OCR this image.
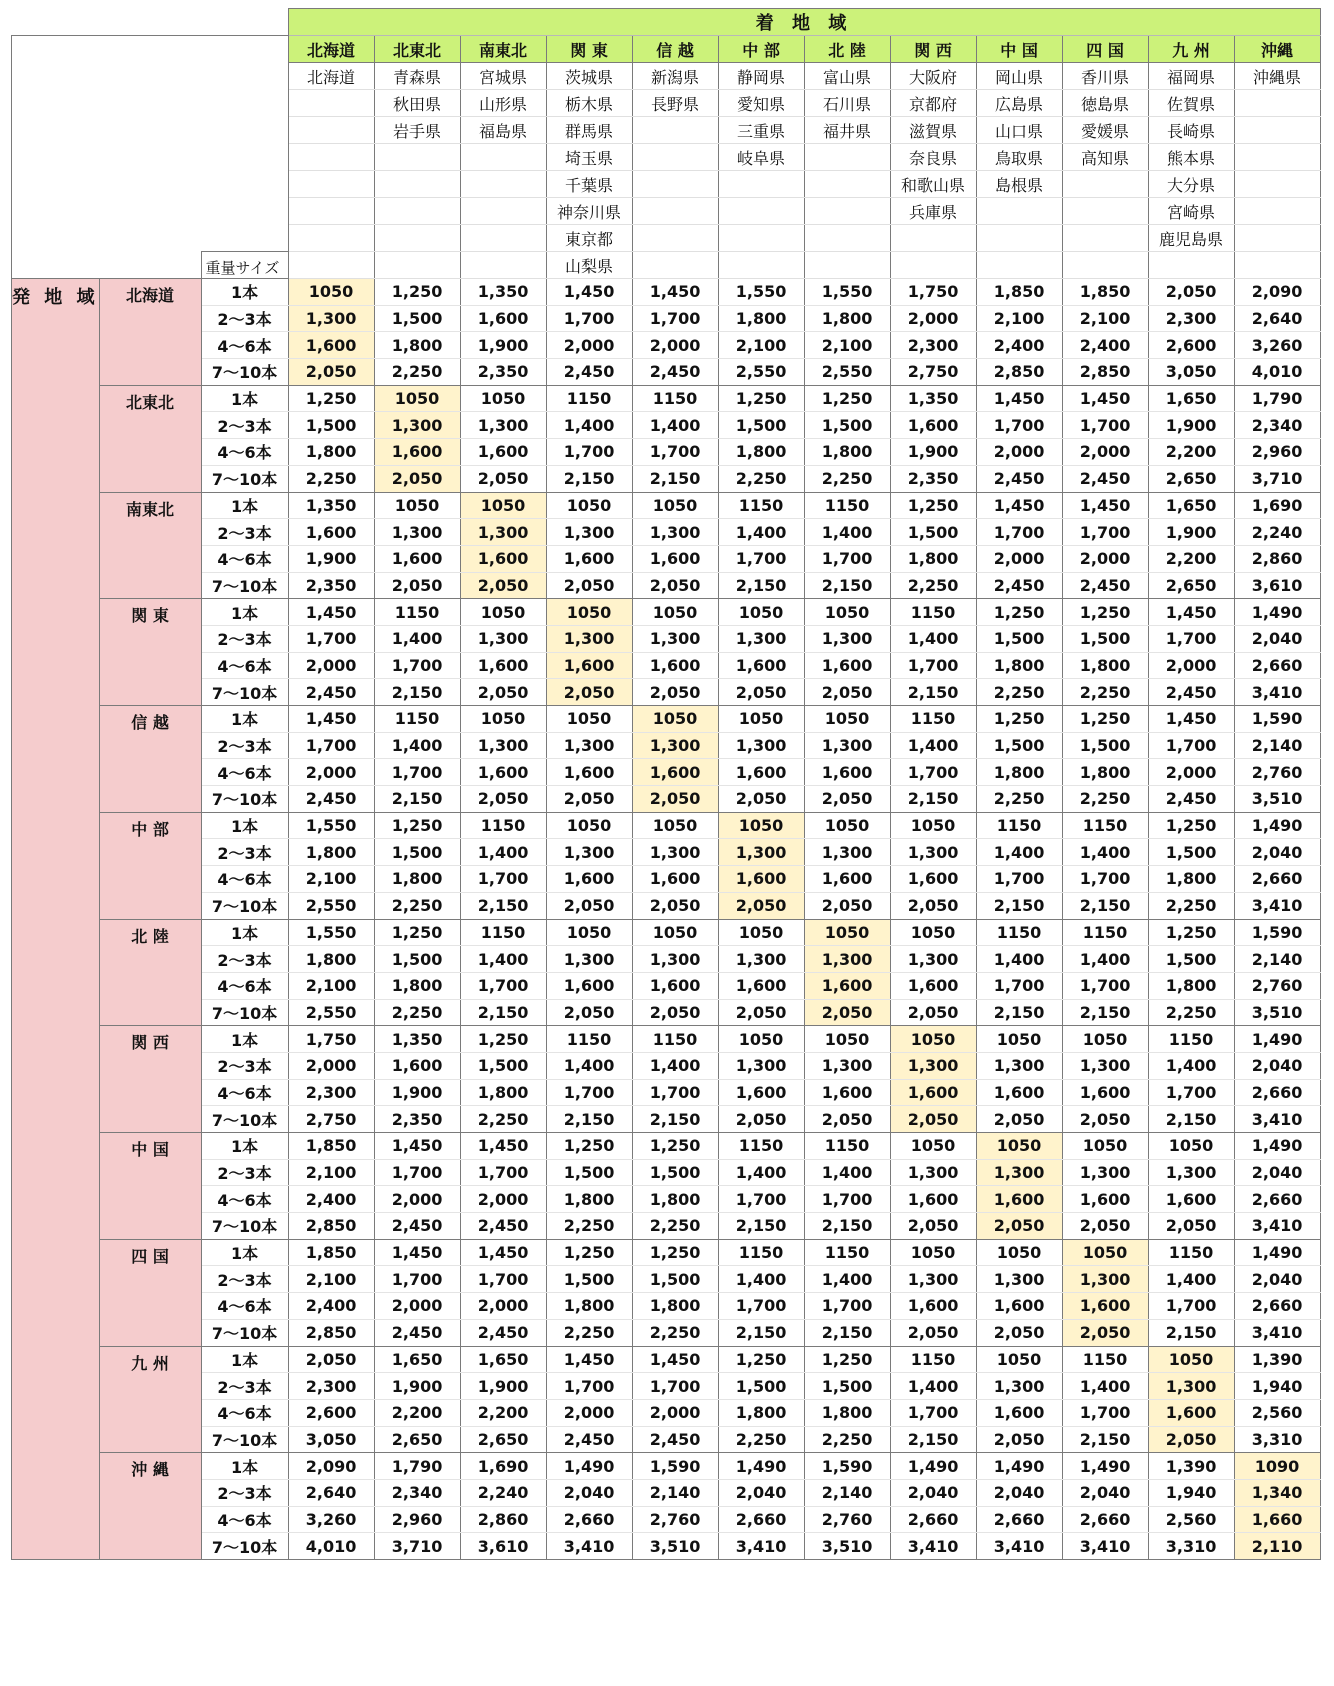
			着 地 域											
			北海道	北東北	南東北	関 東	信 越	中 部	北 陸	関 西	中 国	四 国	九 州	沖縄
			北海道	青森県	宮城県	茨城県	新潟県	静岡県	富山県	大阪府	岡山県	香川県	福岡県	沖縄県
				秋田県	山形県	栃木県	長野県	愛知県	石川県	京都府	広島県	徳島県	佐賀県	
				岩手県	福島県	群馬県		三重県	福井県	滋賀県	山口県	愛媛県	長崎県	
						埼玉県		岐阜県		奈良県	鳥取県	高知県	熊本県	
						千葉県				和歌山県	島根県		大分県	
						神奈川県				兵庫県			宮崎県	
						東京都							鹿児島県	
		重量サイズ				山梨県								
発 地 域	北海道	1本	1050	1,250	1,350	1,450	1,450	1,550	1,550	1,750	1,850	1,850	2,050	2,090
		2～3本	1,300	1,500	1,600	1,700	1,700	1,800	1,800	2,000	2,100	2,100	2,300	2,640
		4～6本	1,600	1,800	1,900	2,000	2,000	2,100	2,100	2,300	2,400	2,400	2,600	3,260
		7～10本	2,050	2,250	2,350	2,450	2,450	2,550	2,550	2,750	2,850	2,850	3,050	4,010
	北東北	1本	1,250	1050	1050	1150	1150	1,250	1,250	1,350	1,450	1,450	1,650	1,790
		2～3本	1,500	1,300	1,300	1,400	1,400	1,500	1,500	1,600	1,700	1,700	1,900	2,340
		4～6本	1,800	1,600	1,600	1,700	1,700	1,800	1,800	1,900	2,000	2,000	2,200	2,960
		7～10本	2,250	2,050	2,050	2,150	2,150	2,250	2,250	2,350	2,450	2,450	2,650	3,710
	南東北	1本	1,350	1050	1050	1050	1050	1150	1150	1,250	1,450	1,450	1,650	1,690
		2～3本	1,600	1,300	1,300	1,300	1,300	1,400	1,400	1,500	1,700	1,700	1,900	2,240
		4～6本	1,900	1,600	1,600	1,600	1,600	1,700	1,700	1,800	2,000	2,000	2,200	2,860
		7～10本	2,350	2,050	2,050	2,050	2,050	2,150	2,150	2,250	2,450	2,450	2,650	3,610
	関 東	1本	1,450	1150	1050	1050	1050	1050	1050	1150	1,250	1,250	1,450	1,490
		2～3本	1,700	1,400	1,300	1,300	1,300	1,300	1,300	1,400	1,500	1,500	1,700	2,040
		4～6本	2,000	1,700	1,600	1,600	1,600	1,600	1,600	1,700	1,800	1,800	2,000	2,660
		7～10本	2,450	2,150	2,050	2,050	2,050	2,050	2,050	2,150	2,250	2,250	2,450	3,410
	信 越	1本	1,450	1150	1050	1050	1050	1050	1050	1150	1,250	1,250	1,450	1,590
		2～3本	1,700	1,400	1,300	1,300	1,300	1,300	1,300	1,400	1,500	1,500	1,700	2,140
		4～6本	2,000	1,700	1,600	1,600	1,600	1,600	1,600	1,700	1,800	1,800	2,000	2,760
		7～10本	2,450	2,150	2,050	2,050	2,050	2,050	2,050	2,150	2,250	2,250	2,450	3,510
	中 部	1本	1,550	1,250	1150	1050	1050	1050	1050	1050	1150	1150	1,250	1,490
		2～3本	1,800	1,500	1,400	1,300	1,300	1,300	1,300	1,300	1,400	1,400	1,500	2,040
		4～6本	2,100	1,800	1,700	1,600	1,600	1,600	1,600	1,600	1,700	1,700	1,800	2,660
		7～10本	2,550	2,250	2,150	2,050	2,050	2,050	2,050	2,050	2,150	2,150	2,250	3,410
	北 陸	1本	1,550	1,250	1150	1050	1050	1050	1050	1050	1150	1150	1,250	1,590
		2～3本	1,800	1,500	1,400	1,300	1,300	1,300	1,300	1,300	1,400	1,400	1,500	2,140
		4～6本	2,100	1,800	1,700	1,600	1,600	1,600	1,600	1,600	1,700	1,700	1,800	2,760
		7～10本	2,550	2,250	2,150	2,050	2,050	2,050	2,050	2,050	2,150	2,150	2,250	3,510
	関 西	1本	1,750	1,350	1,250	1150	1150	1050	1050	1050	1050	1050	1150	1,490
		2～3本	2,000	1,600	1,500	1,400	1,400	1,300	1,300	1,300	1,300	1,300	1,400	2,040
		4～6本	2,300	1,900	1,800	1,700	1,700	1,600	1,600	1,600	1,600	1,600	1,700	2,660
		7～10本	2,750	2,350	2,250	2,150	2,150	2,050	2,050	2,050	2,050	2,050	2,150	3,410
	中 国	1本	1,850	1,450	1,450	1,250	1,250	1150	1150	1050	1050	1050	1050	1,490
		2～3本	2,100	1,700	1,700	1,500	1,500	1,400	1,400	1,300	1,300	1,300	1,300	2,040
		4～6本	2,400	2,000	2,000	1,800	1,800	1,700	1,700	1,600	1,600	1,600	1,600	2,660
		7～10本	2,850	2,450	2,450	2,250	2,250	2,150	2,150	2,050	2,050	2,050	2,050	3,410
	四 国	1本	1,850	1,450	1,450	1,250	1,250	1150	1150	1050	1050	1050	1150	1,490
		2～3本	2,100	1,700	1,700	1,500	1,500	1,400	1,400	1,300	1,300	1,300	1,400	2,040
		4～6本	2,400	2,000	2,000	1,800	1,800	1,700	1,700	1,600	1,600	1,600	1,700	2,660
		7～10本	2,850	2,450	2,450	2,250	2,250	2,150	2,150	2,050	2,050	2,050	2,150	3,410
	九 州	1本	2,050	1,650	1,650	1,450	1,450	1,250	1,250	1150	1050	1150	1050	1,390
		2～3本	2,300	1,900	1,900	1,700	1,700	1,500	1,500	1,400	1,300	1,400	1,300	1,940
		4～6本	2,600	2,200	2,200	2,000	2,000	1,800	1,800	1,700	1,600	1,700	1,600	2,560
		7～10本	3,050	2,650	2,650	2,450	2,450	2,250	2,250	2,150	2,050	2,150	2,050	3,310
	沖 縄	1本	2,090	1,790	1,690	1,490	1,590	1,490	1,590	1,490	1,490	1,490	1,390	1090
		2～3本	2,640	2,340	2,240	2,040	2,140	2,040	2,140	2,040	2,040	2,040	1,940	1,340
		4～6本	3,260	2,960	2,860	2,660	2,760	2,660	2,760	2,660	2,660	2,660	2,560	1,660
		7～10本	4,010	3,710	3,610	3,410	3,510	3,410	3,510	3,410	3,410	3,410	3,310	2,110
